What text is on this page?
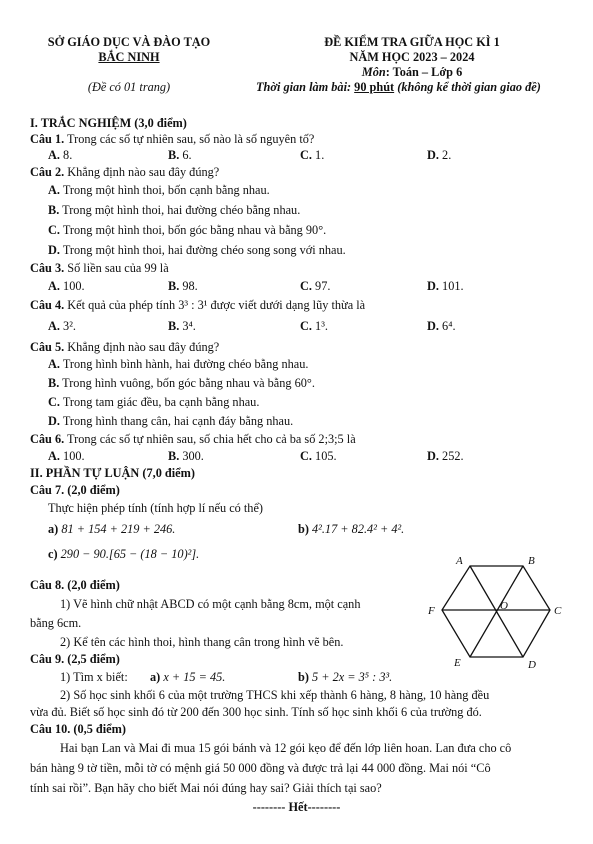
SỞ GIÁO DỤC VÀ ĐÀO TẠO
BẮC NINH
(Đề có 01 trang)
ĐỀ KIỂM TRA GIỮA HỌC KÌ 1
NĂM HỌC 2023 – 2024
Môn: Toán – Lớp 6
Thời gian làm bài: 90 phút (không kể thời gian giao đề)
I. TRẮC NGHIỆM (3,0 điểm)
Câu 1. Trong các số tự nhiên sau, số nào là số nguyên tố?
A. 8.	B. 6.	C. 1.	D. 2.
Câu 2. Khẳng định nào sau đây đúng?
A. Trong một hình thoi, bốn cạnh bằng nhau.
B. Trong một hình thoi, hai đường chéo bằng nhau.
C. Trong một hình thoi, bốn góc bằng nhau và bằng 90°.
D. Trong một hình thoi, hai đường chéo song song với nhau.
Câu 3. Số liền sau của 99 là
A. 100.	B. 98.	C. 97.	D. 101.
Câu 4. Kết quả của phép tính 3³ : 3¹ được viết dưới dạng lũy thừa là
A. 3².	B. 3⁴.	C. 1³.	D. 6⁴.
Câu 5. Khẳng định nào sau đây đúng?
A. Trong hình bình hành, hai đường chéo bằng nhau.
B. Trong hình vuông, bốn góc bằng nhau và bằng 60°.
C. Trong tam giác đều, ba cạnh bằng nhau.
D. Trong hình thang cân, hai cạnh đáy bằng nhau.
Câu 6. Trong các số tự nhiên sau, số chia hết cho cả ba số 2;3;5 là
A. 100.	B. 300.	C. 105.	D. 252.
II. PHẦN TỰ LUẬN (7,0 điểm)
Câu 7. (2,0 điểm)
Thực hiện phép tính (tính hợp lí nếu có thể)
a) 81 + 154 + 219 + 246.	b) 4².17 + 82.4² + 4².
c) 290 − 90.[65 − (18 − 10)²].
Câu 8. (2,0 điểm)
1) Vẽ hình chữ nhật ABCD có một cạnh bằng 8cm, một cạnh
bằng 6cm.
2) Kể tên các hình thoi, hình thang cân trong hình vẽ bên.
Câu 9. (2,5 điểm)
1) Tìm x biết: a) x + 15 = 45.	b) 5 + 2x = 3⁵ : 3³.
2) Số học sinh khối 6 của một trường THCS khi xếp thành 6 hàng, 8 hàng, 10 hàng đều
vừa đủ. Biết số học sinh đó từ 200 đến 300 học sinh. Tính số học sinh khối 6 của trường đó.
Câu 10. (0,5 điểm)
Hai bạn Lan và Mai đi mua 15 gói bánh và 12 gói kẹo để đến lớp liên hoan. Lan đưa cho cô
bán hàng 9 tờ tiền, mỗi tờ có mệnh giá 50 000 đồng và được trả lại 44 000 đồng. Mai nói “Cô
tính sai rồi”. Bạn hãy cho biết Mai nói đúng hay sai? Giải thích tại sao?
-------- Hết--------
A	B
C
D
E
F	O
